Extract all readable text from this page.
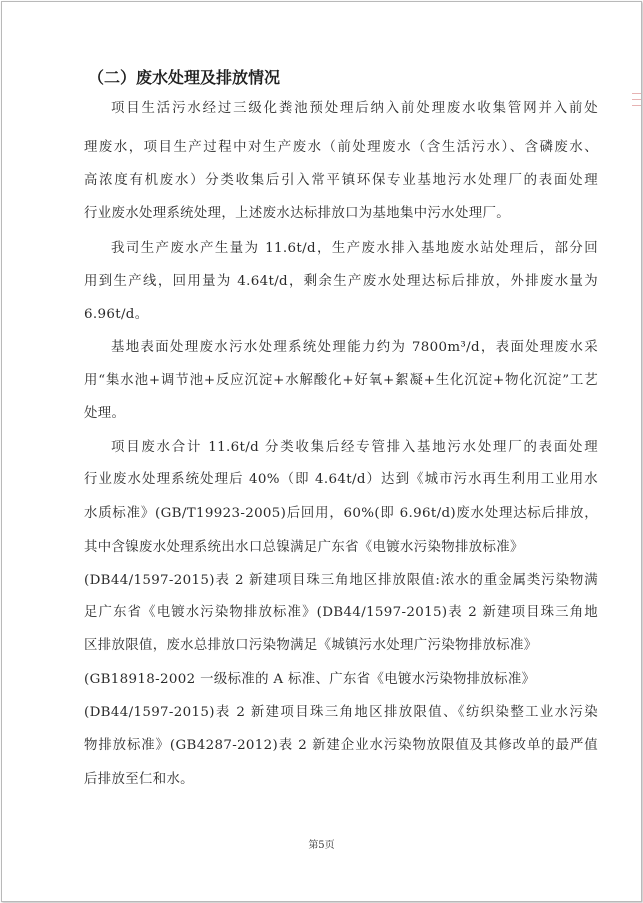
（二）废水处理及排放情况
项目生活污水经过三级化粪池预处理后纳入前处理废水收集管网并入前处
理废水，项目生产过程中对生产废水（前处理废水（含生活污水）、含磷废水、
高浓度有机废水）分类收集后引入常平镇环保专业基地污水处理厂的表面处理
行业废水处理系统处理，上述废水达标排放口为基地集中污水处理厂。
我司生产废水产生量为 11.6t/d，生产废水排入基地废水站处理后，部分回
用到生产线，回用量为 4.64t/d，剩余生产废水处理达标后排放，外排废水量为
6.96t/d。
基地表面处理废水污水处理系统处理能力约为 7800m³/d，表面处理废水采
用“集水池+调节池+反应沉淀+水解酸化+好氧+絮凝+生化沉淀+物化沉淀”工艺
处理。
项目废水合计 11.6t/d 分类收集后经专管排入基地污水处理厂的表面处理
行业废水处理系统处理后 40%（即 4.64t/d）达到《城市污水再生利用工业用水
水质标准》(GB/T19923-2005)后回用，60%(即 6.96t/d)废水处理达标后排放，
其中含镍废水处理系统出水口总镍满足广东省《电镀水污染物排放标准》
(DB44/1597-2015)表 2 新建项目珠三角地区排放限值:浓水的重金属类污染物满
足广东省《电镀水污染物排放标准》(DB44/1597-2015)表 2 新建项目珠三角地
区排放限值，废水总排放口污染物满足《城镇污水处理广污染物排放标准》
(GB18918-2002 一级标准的 A 标准、广东省《电镀水污染物排放标准》
(DB44/1597-2015)表 2 新建项目珠三角地区排放限值、《纺织染整工业水污染
物排放标准》(GB4287-2012)表 2 新建企业水污染物放限值及其修改单的最严值
后排放至仁和水。
第5页
